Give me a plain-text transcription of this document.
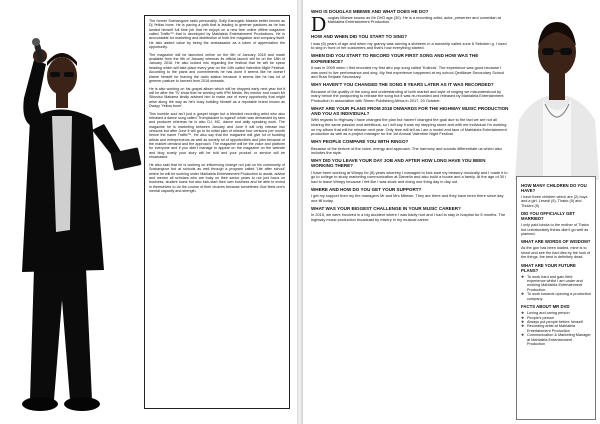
The former Soshanguve radio personality, Solly Kamogelo Masela better known as Dj Yellow bone. He is paving a path that is leading to greener pastures as he has landed himself full time job that he enjoys on a new free online offline magazine called Traffic™ that is developed by Mahlalela Entertainment Productions. He is accountable for marketing and distribution of both the magazine and company itself. He also added value by being the ambassador as a token of appreciation the opportunity.

The magazine will be launched online on the 6th of January 2018 and made available from the 9th of January whereas its official launch will be on the 18th of January 2018. He also looked into regarding the festival that he will be spear heading which will take place every year on the 14th called Valentine Night Festival. According to the plans and commitments he has done it seems like he doesn't blame himself for leaving the radio station because it seems like he has lot of greener pasture to harvest from 2018 onwards.

He is also working on his gospel album which will be dropped early next year but it will be after the TV show that he working with IPM Media. His mentor and coach Mr Sibusiso Makama kindly advised him to make use of every opportunity that might arise along the way as he's busy building himself as a reputable brand known as Dwayy 'Yellow bone'.

This humble soul isn't just a gospel singer but a blended recording artist who also released a dance song called 'Tromplokane to egandi' which was demanded by fans and producer whereas he is also DJ, MC, dance and daily speaking work. The magazine he is marketing between January and June it will only release two versions but after June it will go to its initial plan of release four versions per month hence the name Traffic™. He also say that the magazine will give lot of budding artists and entrepreneurs as well as society lot of opportunities and jobs because of the market demand and the approach. The magazine will be the voice and platform for everyone and if you didn't manage to appear on the magazine on the website and blog surely your story will be told and your product or service will be showcased.

He also said that he is working on influencing change not just on his community of Soshanguve but at schools as well through a program called 'Life after school' where he will be working under Mahlalela Entertainment Production to assist, advise and mentor all scholars who are busy on their senior years to not just focus on business, student loans but also kick-start their own business and be able to invest in themselves to do the course of their choices because sometimes God feels one's mental capacity and strength.

WHO IS DOUGLAS MBEWE AND WHAT DOES HE DO?
D ouglas Mbewe known as Mr DVD age (30). He is a recording artist, actor, presenter and comedian at Mahlalela Entertainment Production.
HOW AND WHEN DID YOU START TO SING?
I was (6) years of age and when my granny was owning a shebeen in a township called zone 6 Seboken g. I used to sing in front of her customers and that's how everything started.
WHEN DID YOU START TO RECORD YOUR FIRST SONG AND HOW WAS THE EXPERIENCE?
It was in 2009 when I first recorded my first afro pop song called 'Kolinda'. The experience was good because I was used to live performance and sing. My first experience happened at my school Qedilizwe Secondary School and Ruta Setjabe Secondary.
WHY HAVEN'T YOU CHANGED THE SONG 8 YEARS LATER AS IT WAS RECORDED?
Because of the quality of the song and understanding of both market and style of singing we misunderstood by many hence the postponing to release the song but it was re-recorded and released by Mahlalela Entertainment Production in association with Sheen Publishing Africa in 2017, 20 October.
WHAT ARE YOUR PLANS FROM 2018 ONWARDS FOR THE HIGHWAY MUSIC PRODUCTION AND YOU AS INDIVIDUAL?
With regards to Highway I have changed the plan but haven't changed the goal due to the fact we are not all sharing the same passion and ambitious, so I will say it was my stepping stone and with me individual I'm working on my album that will be release next year. Only time will tell as I am a model and face of Mahlalela Entertainment production as well as a project manager for the 1st Annual Valentine Night Festival.
WHY PEOPLE COMPARE YOU WITH RINGO?
Because of the texture of the voice, energy and approach. The harmony and sounds differentiate us which also includes the style.
WHY DID YOU LEAVE YOUR DAY JOB AND AFTER HOW LONG HAVE YOU BEEN WORKING THERE?
I have been working at Wimpy for (8) years whereby I managed to kick start my treasury musically and I made it to go to college to study marketing communication at Damelin and also build a house and a family. At the age of 30 I had to leave Wimpy because I felt like I was stuck and doing one thing day in day out.
WHERE AND HOW DO YOU GET YOUR SUPPORT?
I get my support from my the managers Mr and Mrs Mbewe. They are there and they have been there since day one till today.
WHAT WAS YOUR BIGGEST CHALLENGE IN YOUR MUSIC CAREER?
In 2015, we were involved in a big accident where I was badly hurt and I had to stay in hospital for 5 months. The highway music production broadcast by misery in my musical career.
HOW MANY CHILDREN DO YOU HAVE?
I have three children which are (2) boys and a girl. Lesedi (9), Thabo (5) and Thulani (5)
DID YOU OFFICIALLY GET MARRIED?
I only paid lobola to the mother of Thabo but unfortunately thinks didn't go well as planned.
WHAT ARE WORDS OF WISDOM?
As the gun has been loaded, mine is to shoot and see the bad dies by the look of the things, the best is definitely dead.
WHAT ARE YOUR FUTURE PLANS?
❖ To work hard and gain field experience whilst I am under and working Mahlalela Entertainment Production.
❖ To work towards opening a production company.
FACTS ABOUT MR DVD
❖ Loving and caring person
❖ People's person
❖ Always put people before himself
❖ Recording artist at Mahlalela Entertainment Production
❖ Communication & Marketing Manager at Mahlalela Entertainment Production
